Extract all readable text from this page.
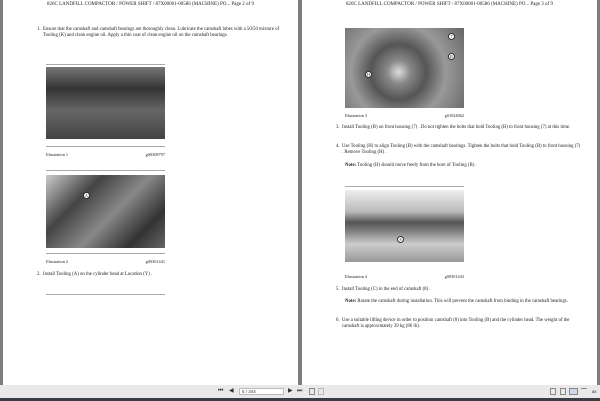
826C LANDFILL COMPACTOR / POWER SHIFT / 87X00001-00586 (MACHINE) PO... Page 2 of 9
1. Ensure that the camshaft and camshaft bearings are thoroughly clean. Lubricate the camshaft lobes with a 50/50 mixture of Tooling (K) and clean engine oil. Apply a thin coat of clean engine oil on the camshaft bearings.
Illustration 1	g00308797
A
Illustration 2	g00301441
2. Install Tooling (A) on the cylinder head at Location (Y) .
826C LANDFILL COMPACTOR / POWER SHIFT / 87X00001-00586 (MACHINE) PO... Page 3 of 9
7
B
H
Illustration 3	g01024862
3. Install Tooling (B) on front housing (7) . Do not tighten the bolts that hold Tooling (B) to front housing (7) at this time.
4. Use Tooling (H) to align Tooling (B) with the camshaft bearings. Tighten the bolts that hold Tooling (B) to front housing (7) . Remove Tooling (H) .
Note: Tooling (H) should move freely from the bore of Tooling (B) .
8
Illustration 4	g00301443
5. Install Tooling (C) in the end of camshaft (8) .
Note: Rotate the camshaft during installation. This will prevent the camshaft from binding in the camshaft bearings.
6. Use a suitable lifting device in order to position camshaft (8) into Tooling (B) and the cylinder head. The weight of the camshaft is approximately 39 kg (86 lb).
⏮ ◀	5 / 344	▶ ⏭	88
